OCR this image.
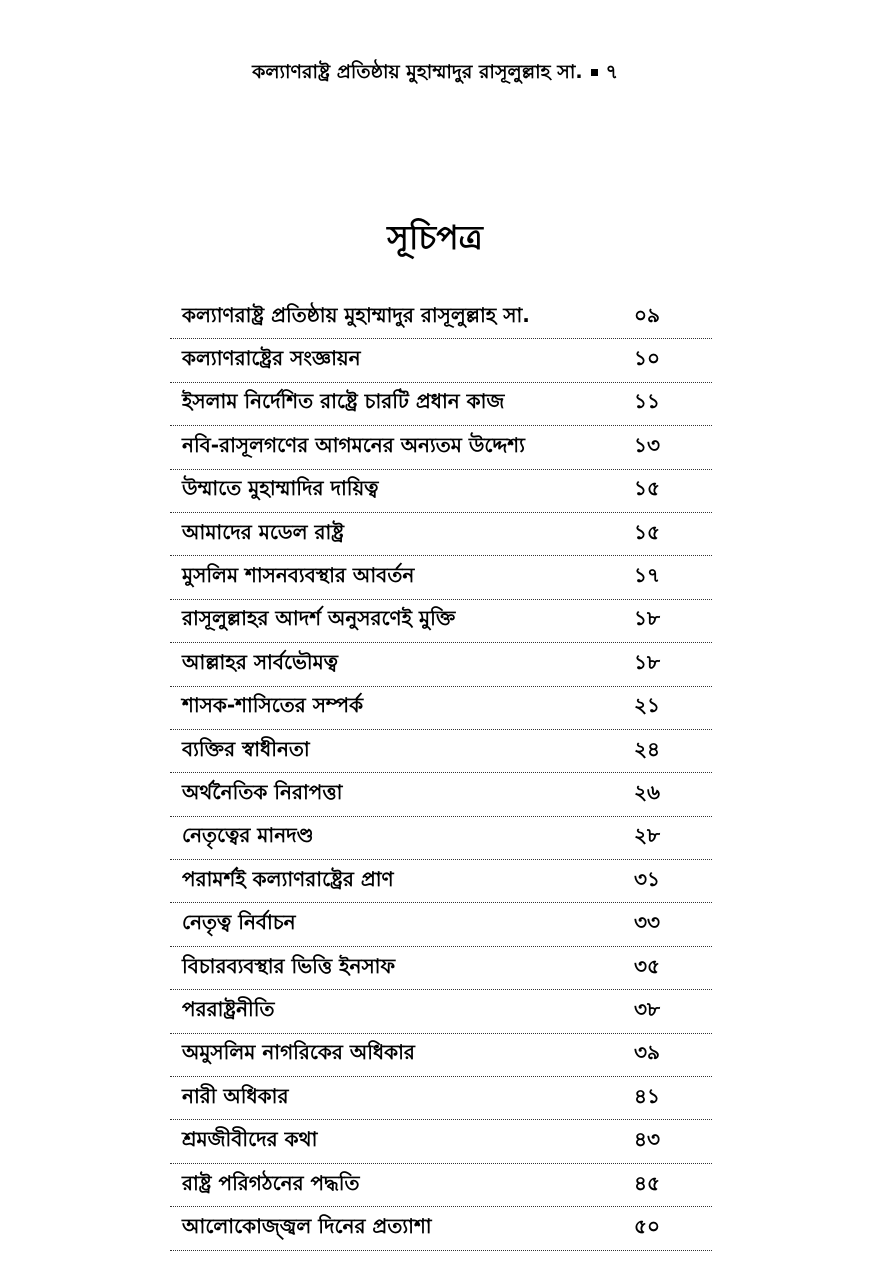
কল্যাণরাষ্ট্র প্রতিষ্ঠায় মুহাম্মাদুর রাসূলুল্লাহ সা. ৭
সূচিপত্র
কল্যাণরাষ্ট্র প্রতিষ্ঠায় মুহাম্মাদুর রাসূলুল্লাহ সা.	০৯
কল্যাণরাষ্ট্রের সংজ্ঞায়ন	১০
ইসলাম নির্দেশিত রাষ্ট্রে চারটি প্রধান কাজ	১১
নবি-রাসূলগণের আগমনের অন্যতম উদ্দেশ্য	১৩
উম্মাতে মুহাম্মাদির দায়িত্ব	১৫
আমাদের মডেল রাষ্ট্র	১৫
মুসলিম শাসনব্যবস্থার আবর্তন	১৭
রাসূলুল্লাহর আদর্শ অনুসরণেই মুক্তি	১৮
আল্লাহর সার্বভৌমত্ব	১৮
শাসক-শাসিতের সম্পর্ক	২১
ব্যক্তির স্বাধীনতা	২৪
অর্থনৈতিক নিরাপত্তা	২৬
নেতৃত্বের মানদণ্ড	২৮
পরামর্শই কল্যাণরাষ্ট্রের প্রাণ	৩১
নেতৃত্ব নির্বাচন	৩৩
বিচারব্যবস্থার ভিত্তি ইনসাফ	৩৫
পররাষ্ট্রনীতি	৩৮
অমুসলিম নাগরিকের অধিকার	৩৯
নারী অধিকার	৪১
শ্রমজীবীদের কথা	৪৩
রাষ্ট্র পরিগঠনের পদ্ধতি	৪৫
আলোকোজ্জ্বল দিনের প্রত্যাশা	৫০
